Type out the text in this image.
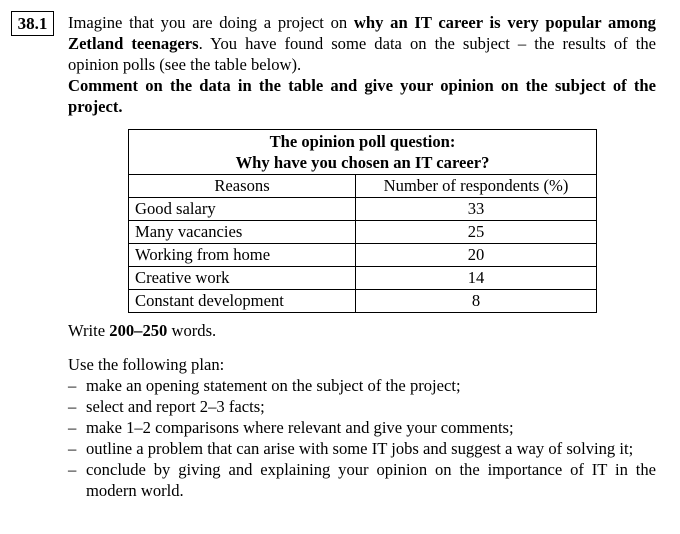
38.1 Imagine that you are doing a project on why an IT career is very popular among Zetland teenagers. You have found some data on the subject – the results of the opinion polls (see the table below).

Comment on the data in the table and give your opinion on the subject of the project.

The opinion poll question:
Why have you chosen an IT career?	

Reasons	Number of respondents (%)
Good salary	33
Many vacancies	25
Working from home	20
Creative work	14
Constant development	8
Write 200–250 words.

Use the following plan:

– make an opening statement on the subject of the project;
– select and report 2–3 facts;
– make 1–2 comparisons where relevant and give your comments;
– outline a problem that can arise with some IT jobs and suggest a way of solving it;
– conclude by giving and explaining your opinion on the importance of IT in the modern world.
